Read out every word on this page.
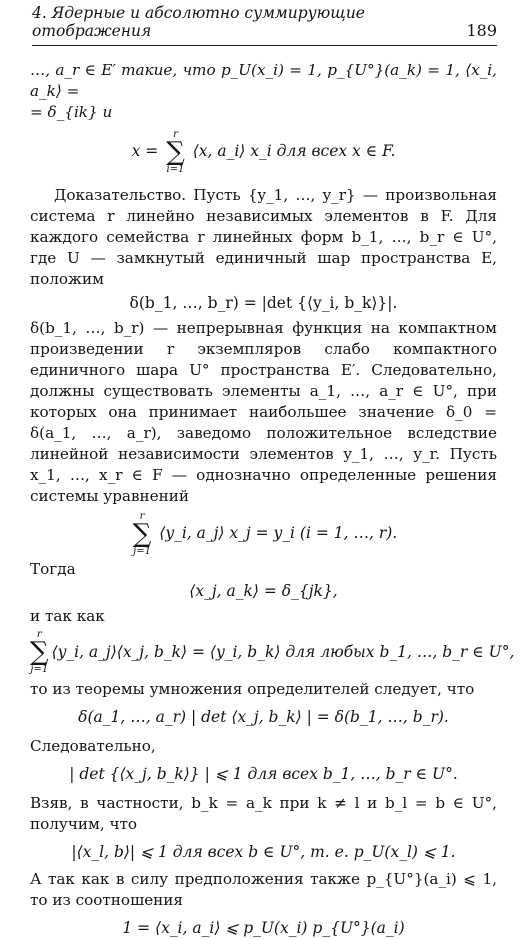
4. Ядерные и абсолютно суммирующие отображения	189

…, a_r ∈ E′ такие, что p_U(x_i) = 1, p_{U°}(a_k) = 1, ⟨x_i, a_k⟩ =

= δ_{ik} и

x =
r
∑
i=1
⟨x, a_i⟩ x_i для всех x ∈ F.

Доказательство. Пусть {y_1, …, y_r} — произвольная система r линейно независимых элементов в F. Для каждого семейства r линейных форм b_1, …, b_r ∈ U°, где U — замкнутый единичный шар пространства E, положим

δ(b_1, …, b_r) = |det {⟨y_i, b_k⟩}|.

δ(b_1, …, b_r) — непрерывная функция на компактном произведении r экземпляров слабо компактного единичного шара U° пространства E′. Следовательно, должны существовать элементы a_1, …, a_r ∈ U°, при которых она принимает наибольшее значение δ_0 = δ(a_1, …, a_r), заведомо положительное вследствие линейной независимости элементов y_1, …, y_r. Пусть x_1, …, x_r ∈ F — однозначно определенные решения системы уравнений

r
∑
j=1
⟨y_i, a_j⟩ x_j = y_i (i = 1, …, r).

Тогда

⟨x_j, a_k⟩ = δ_{jk},

и так как

r
∑
j=1
⟨y_i, a_j⟩⟨x_j, b_k⟩ = ⟨y_i, b_k⟩ для любых b_1, …, b_r ∈ U°,

то из теоремы умножения определителей следует, что

δ(a_1, …, a_r) | det ⟨x_j, b_k⟩ | = δ(b_1, …, b_r).

Следовательно,

| det {⟨x_j, b_k⟩} | ⩽ 1 для всех b_1, …, b_r ∈ U°.

Взяв, в частности, b_k = a_k при k ≠ l и b_l = b ∈ U°, получим, что

|⟨x_l, b⟩| ⩽ 1 для всех b ∈ U°, т. е. p_U(x_l) ⩽ 1.

А так как в силу предположения также p_{U°}(a_i) ⩽ 1, то из соотношения

1 = ⟨x_i, a_i⟩ ⩽ p_U(x_i) p_{U°}(a_i)
